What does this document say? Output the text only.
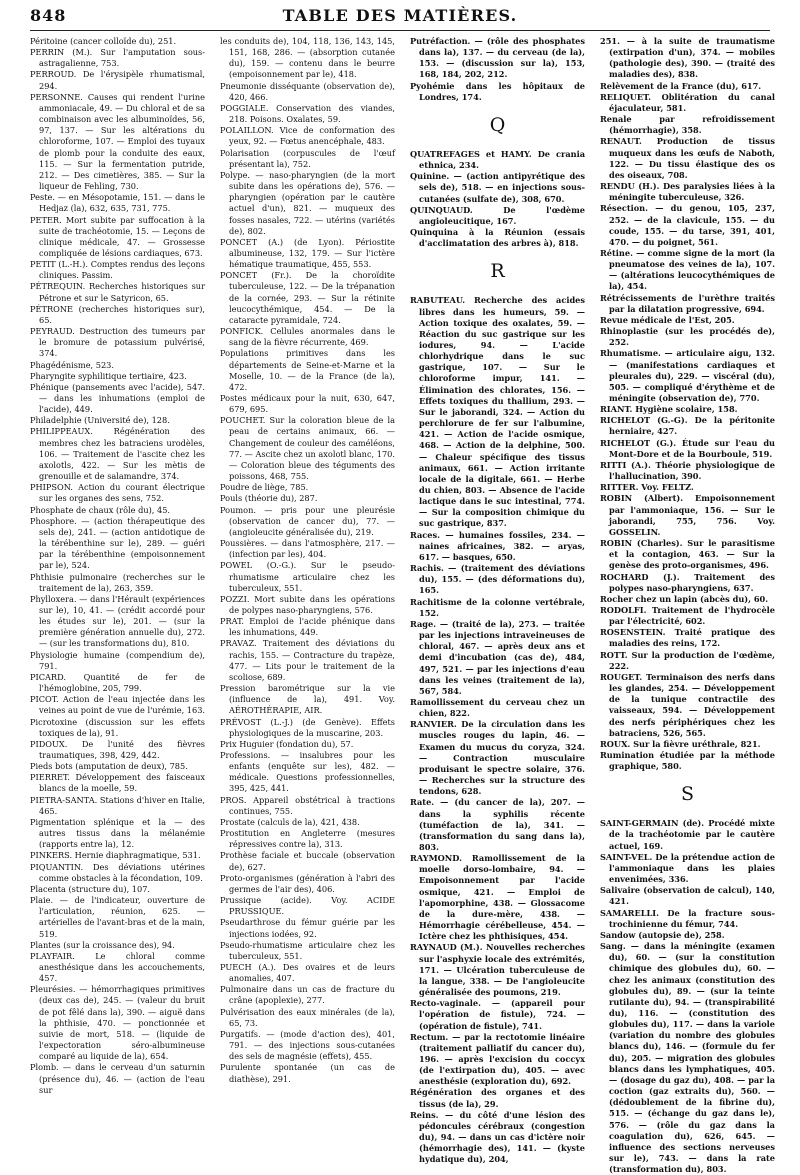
848	TABLE DES MATIÈRES.

Péritoine (cancer colloïde du), 251.

PERRIN (M.). Sur l'amputation sous-astragalienne, 753.

PERROUD. De l'érysipèle rhumatismal, 294.

PERSONNE. Causes qui rendent l'urine ammoniacale, 49. — Du chloral et de sa combinaison avec les albuminoïdes, 56, 97, 137. — Sur les altérations du chloroforme, 107. — Emploi des tuyaux de plomb pour la conduite des eaux, 115. — Sur la fermentation putride, 212. — Des cimetières, 385. — Sur la liqueur de Fehling, 730.

Peste. — en Mésopotamie, 151. — dans le Hedjaz (la), 632, 635, 731, 775.

PETER. Mort subite par suffocation à la suite de trachéotomie, 15. — Leçons de clinique médicale, 47. — Grossesse compliquée de lésions cardiaques, 673.

PETIT (L.-H.). Comptes rendus des leçons cliniques. Passim.

PÉTREQUIN. Recherches historiques sur Pétrone et sur le Satyricon, 65.

PÉTRONE (recherches historiques sur), 65.

PEYRAUD. Destruction des tumeurs par le bromure de potassium pulvérisé, 374.

Phagédénisme, 523.

Pharyngite syphilitique tertiaire, 423.

Phénique (pansements avec l'acide), 547. — dans les inhumations (emploi de l'acide), 449.

Philadelphie (Université de), 128.

PHILIPPEAUX. Régénération des membres chez les batraciens urodèles, 106. — Traitement de l'ascite chez les axolotls, 422. — Sur les mètis de grenouille et de salamandre, 374.

PHIPSON. Action du courant électrique sur les organes des sens, 752.

Phosphate de chaux (rôle du), 45.

Phosphore. — (action thérapeutique des sels de), 241. — (action antidotique de la térébenthine sur le), 289. — guéri par la térébenthine (empoisonnement par le), 524.

Phthisie pulmonaire (recherches sur le traitement de la), 263, 359.

Phylloxera. — dans l'Hérault (expériences sur le), 10, 41. — (crédit accordé pour les études sur le), 201. — (sur la première génération annuelle du), 272. — (sur les transformations du), 810.

Physiologie humaine (compendium de), 791.

PICARD. Quantité de fer de l'hémoglobine, 205, 799.

PICOT. Action de l'eau injectée dans les veines au point de vue de l'urémie, 163.

Picrotoxine (discussion sur les effets toxiques de la), 91.

PIDOUX. De l'unité des fièvres traumatiques, 398, 429, 442.

Pieds bots (amputation de deux), 785.

PIERRET. Développement des faisceaux blancs de la moelle, 59.

PIETRA-SANTA. Stations d'hiver en Italie, 465.

Pigmentation splénique et la — des autres tissus dans la mélanémie (rapports entre la), 12.

PINKERS. Hernie diaphragmatique, 531.

PIQUANTIN. Des déviations utérines comme obstacles à la fécondation, 109.

Placenta (structure du), 107.

Plaie. — de l'indicateur, ouverture de l'articulation, réunion, 625. — artérielles de l'avant-bras et de la main, 519.

Plantes (sur la croissance des), 94.

PLAYFAIR. Le chloral comme anesthésique dans les accouchements, 457.

Pleurésies. — hémorrhagiques primitives (deux cas de), 245. — (valeur du bruit de pot fêlé dans la), 390. — aiguë dans la phthisie, 470. — ponctionnée et suivie de mort, 518. — (liquide de l'expectoration séro-albumineuse comparé au liquide de la), 654.

Plomb. — dans le cerveau d'un saturnin (présence du), 46. — (action de l'eau sur

les conduits de), 104, 118, 136, 143, 145, 151, 168, 286. — (absorption cutanée du), 159. — contenu dans le beurre (empoisonnement par le), 418.

Pneumonie disséquante (observation de), 420, 466.

POGGIALE. Conservation des viandes, 218. Poisons. Oxalates, 59.

POLAILLON. Vice de conformation des yeux, 92. — Fœtus anencéphale, 483.

Polarisation (corpuscules de l'œuf présentant la), 752.

Polype. — naso-pharyngien (de la mort subite dans les opérations de), 576. — pharyngien (opération par le cautère actuel d'un), 821. — muqueux des fosses nasales, 722. — utérins (variétés de), 802.

PONCET (A.) (de Lyon). Périostite albumineuse, 132, 179. — Sur l'ictère hématique traumatique, 455, 553.

PONCET (Fr.). De la choroïdite tuberculeuse, 122. — De la trépanation de la cornée, 293. — Sur la rétinite leucocythémique, 454. — De la cataracte pyramidale, 724.

PONFICK. Cellules anormales dans le sang de la fièvre récurrente, 469.

Populations primitives dans les départements de Seine-et-Marne et la Moselle, 10. — de la France (de la), 472.

Postes médicaux pour la nuit, 630, 647, 679, 695.

POUCHET. Sur la coloration bleue de la peau de certains animaux, 66. — Changement de couleur des caméléons, 77. — Ascite chez un axolotl blanc, 170. — Coloration bleue des téguments des poissons, 468, 755.

Poudre de liège, 785.

Pouls (théorie du), 287.

Poumon. — pris pour une pleurésie (observation de cancer du), 77. — (angioleucite généralisée du), 219.

Poussières. — dans l'atmosphère, 217. — (infection par les), 404.

POWEL (O.-G.). Sur le pseudo-rhumatisme articulaire chez les tuberculeux, 551.

POZZI. Mort subite dans les opérations de polypes naso-pharyngiens, 576.

PRAT. Emploi de l'acide phénique dans les inhumations, 449.

PRAVAZ. Traitement des déviations du rachis, 155. — Contracture du trapèze, 477. — Lits pour le traitement de la scoliose, 689.

Pression barométrique sur la vie (influence de la), 491. Voy. AÉROTHÉRAPIE, AIR.

PRÉVOST (L.-J.) (de Genève). Effets physiologiques de la muscarine, 203.

Prix Huguier (fondation du), 57.

Professions. — insalubres pour les enfants (enquête sur les), 482. — médicale. Questions professionnelles, 395, 425, 441.

PROS. Appareil obstétrical à tractions continues, 755.

Prostate (calculs de la), 421, 438.

Prostitution en Angleterre (mesures répressives contre la), 313.

Prothèse faciale et buccale (observation de), 627.

Proto-organismes (génération à l'abri des germes de l'air des), 406.

Prussique (acide). Voy. ACIDE PRUSSIQUE.

Pseudarthrose du fémur guérie par les injections iodées, 92.

Pseudo-rhumatisme articulaire chez les tuberculeux, 551.

PUECH (A.). Des ovaires et de leurs anomalies, 407.

Pulmonaire dans un cas de fracture du crâne (apoplexie), 277.

Pulvérisation des eaux minérales (de la), 65, 73.

Purgatifs. — (mode d'action des), 401, 791. — des injections sous-cutanées des sels de magnésie (effets), 455.

Purulente spontanée (un cas de diathèse), 291.

Putréfaction. — (rôle des phosphates dans la), 137. — du cerveau (de la), 153. — (discussion sur la), 153, 168, 184, 202, 212.

Pyohémie dans les hôpitaux de Londres, 174.

Q

QUATREFAGES et HAMY. De crania ethnica, 234.

Quinine. — (action antipyrétique des sels de), 518. — en injections sous-cutanées (sulfate de), 308, 670.

QUINQUAUD. De l'œdème angioleucitique, 167.

Quinquina à la Réunion (essais d'acclimatation des arbres à), 818.

R

RABUTEAU. Recherche des acides libres dans les humeurs, 59. — Action toxique des oxalates, 59. — Réaction du suc gastrique sur les iodures, 94. — L'acide chlorhydrique dans le suc gastrique, 107. — Sur le chloroforme impur, 141. — Élimination des chlorates, 156. — Effets toxiques du thallium, 293. — Sur le jaborandi, 324. — Action du perchlorure de fer sur l'albumine, 421. — Action de l'acide osmique, 468. — Action de la delphine, 500. — Chaleur spécifique des tissus animaux, 661. — Action irritante locale de la digitale, 661. — Herbe du chien, 803. — Absence de l'acide lactique dans le suc intestinal, 774. — Sur la composition chimique du suc gastrique, 837.

Races. — humaines fossiles, 234. — naines africaines, 382. — aryas, 617. — basques, 650.

Rachis. — (traitement des déviations du), 155. — (des déformations du), 165.

Rachitisme de la colonne vertébrale, 152.

Rage. — (traité de la), 273. — traitée par les injections intraveineuses de chloral, 467. — après deux ans et demi d'incubation (cas de), 484, 497, 521. — par les injections d'eau dans les veines (traitement de la), 567, 584.

Ramollissement du cerveau chez un chien, 822.

RANVIER. De la circulation dans les muscles rouges du lapin, 46. — Examen du mucus du coryza, 324. — Contraction musculaire produisant le spectre solaire, 376. — Recherches sur la structure des tendons, 628.

Rate. — (du cancer de la), 207. — dans la syphilis récente (tuméfaction de la), 341. — (transformation du sang dans la), 803.

RAYMOND. Ramollissement de la moelle dorso-lombaire, 94. — Empoisonnement par l'acide osmique, 421. — Emploi de l'apomorphine, 438. — Glossacome de la dure-mère, 438. — Hémorrhagie cérébelleuse, 454. — Ictère chez les phthisiques, 454.

RAYNAUD (M.). Nouvelles recherches sur l'asphyxie locale des extrémités, 171. — Ulcération tuberculeuse de la langue, 338. — De l'angioleucite généralisée des poumons, 219.

Recto-vaginale. — (appareil pour l'opération de fistule), 724. — (opération de fistule), 741.

Rectum. — par la rectotomie linéaire (traitement palliatif du cancer du), 196. — après l'excision du coccyx (de l'extirpation du), 405. — avec anesthésie (exploration du), 692.

Régénération des organes et des tissus (de la), 29.

Reins. — du côté d'une lésion des pédoncules cérébraux (congestion du), 94. — dans un cas d'ictère noir (hémorrhagie des), 141. — (kyste hydatique du), 204,

251. — à la suite de traumatisme (extirpation d'un), 374. — mobiles (pathologie des), 390. — (traité des maladies des), 838.

Relèvement de la France (du), 617.

RELIQUET. Oblitération du canal éjaculateur, 581.

Renale par refroidissement (hémorrhagie), 358.

RENAUT. Production de tissus muqueux dans les œufs de Naboth, 122. — Du tissu élastique des os des oiseaux, 708.

RENDU (H.). Des paralysies liées à la méningite tuberculeuse, 326.

Résection. — du genou, 105, 237, 252. — de la clavicule, 155. — du coude, 155. — du tarse, 391, 401, 470. — du poignet, 561.

Rétine. — comme signe de la mort (la pneumatose des veines de la), 107. — (altérations leucocythémiques de la), 454.

Rétrécissements de l'urèthre traités par la dilatation progressive, 694.

Revue médicale de l'Est, 205.

Rhinoplastie (sur les procédés de), 252.

Rhumatisme. — articulaire aigu, 132. — (manifestations cardiaques et pleurales du), 229. — viscéral (du), 505. — compliqué d'érythème et de méningite (observation de), 770.

RIANT. Hygiène scolaire, 158.

RICHELOT (G.-G). De la péritonite herniaire, 427.

RICHELOT (G.). Étude sur l'eau du Mont-Dore et de la Bourboule, 519.

RITTI (A.). Théorie physiologique de l'hallucination, 390.

RITTER. Voy. FELTZ.

ROBIN (Albert). Empoisonnement par l'ammoniaque, 156. — Sur le jaborandi, 755, 756. Voy. GOSSELIN.

ROBIN (Charles). Sur le parasitisme et la contagion, 463. — Sur la genèse des proto-organismes, 496.

ROCHARD (J.). Traitement des polypes naso-pharyngiens, 637.

Rocher chez un lapin (abcès du), 60.

RODOLFI. Traitement de l'hydrocèle par l'électricité, 602.

ROSENSTEIN. Traité pratique des maladies des reins, 172.

ROTT. Sur la production de l'œdème, 222.

ROUGET. Terminaison des nerfs dans les glandes, 254. — Développement de la tunique contractile des vaisseaux, 594. — Développement des nerfs périphériques chez les batraciens, 526, 565.

ROUX. Sur la fièvre uréthrale, 821.

Rumination étudiée par la méthode graphique, 580.

S

SAINT-GERMAIN (de). Procédé mixte de la trachéotomie par le cautère actuel, 169.

SAINT-VEL. De la prétendue action de l'ammoniaque dans les plaies envenimées, 336.

Salivaire (observation de calcul), 140, 421.

SAMARELLI. De la fracture sous-trochinienne du fémur, 744.

Sandow (autopsie de), 258.

Sang. — dans la méningite (examen du), 60. — (sur la constitution chimique des globules du), 60. — chez les animaux (constitution des globules du), 89. — (sur la teinte rutilante du), 94. — (transpirabilité du), 116. — (constitution des globules du), 117. — dans la variole (variation du nombre des globules blancs du), 146. — (formule du fer du), 205. — migration des globules blancs dans les lymphatiques, 405. — (dosage du gaz du), 408. — par la coction (gaz extraits du), 560. — (dédoublement de la fibrine du), 515. — (échange du gaz dans le), 576. — (rôle du gaz dans la coagulation du), 626, 645. — influence des sections nerveuses sur le), 743. — dans la rate (transformation du), 803.
